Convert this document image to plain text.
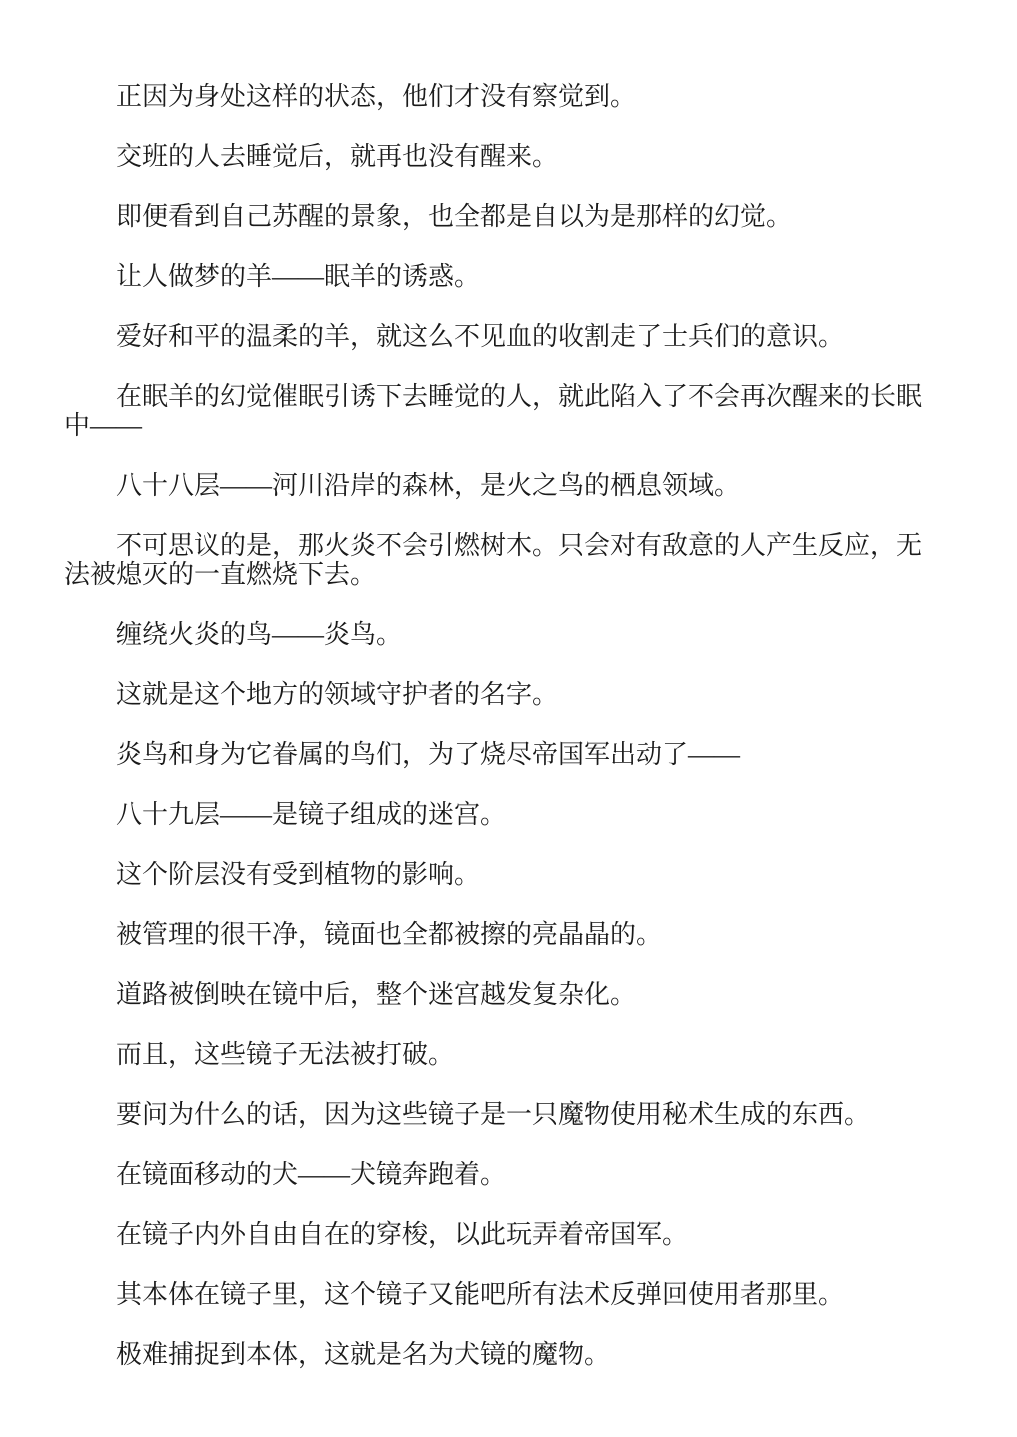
正因为身处这样的状态，他们才没有察觉到。

交班的人去睡觉后，就再也没有醒来。

即便看到自己苏醒的景象，也全都是自以为是那样的幻觉。

让人做梦的羊——眠羊的诱惑。

爱好和平的温柔的羊，就这么不见血的收割走了士兵们的意识。

在眠羊的幻觉催眠引诱下去睡觉的人，就此陷入了不会再次醒来的长眠中——

八十八层——河川沿岸的森林，是火之鸟的栖息领域。

不可思议的是，那火炎不会引燃树木。只会对有敌意的人产生反应，无法被熄灭的一直燃烧下去。

缠绕火炎的鸟——炎鸟。

这就是这个地方的领域守护者的名字。

炎鸟和身为它眷属的鸟们，为了烧尽帝国军出动了——

八十九层——是镜子组成的迷宫。

这个阶层没有受到植物的影响。

被管理的很干净，镜面也全都被擦的亮晶晶的。

道路被倒映在镜中后，整个迷宫越发复杂化。

而且，这些镜子无法被打破。

要问为什么的话，因为这些镜子是一只魔物使用秘术生成的东西。

在镜面移动的犬——犬镜奔跑着。

在镜子内外自由自在的穿梭，以此玩弄着帝国军。

其本体在镜子里，这个镜子又能吧所有法术反弹回使用者那里。

极难捕捉到本体，这就是名为犬镜的魔物。
